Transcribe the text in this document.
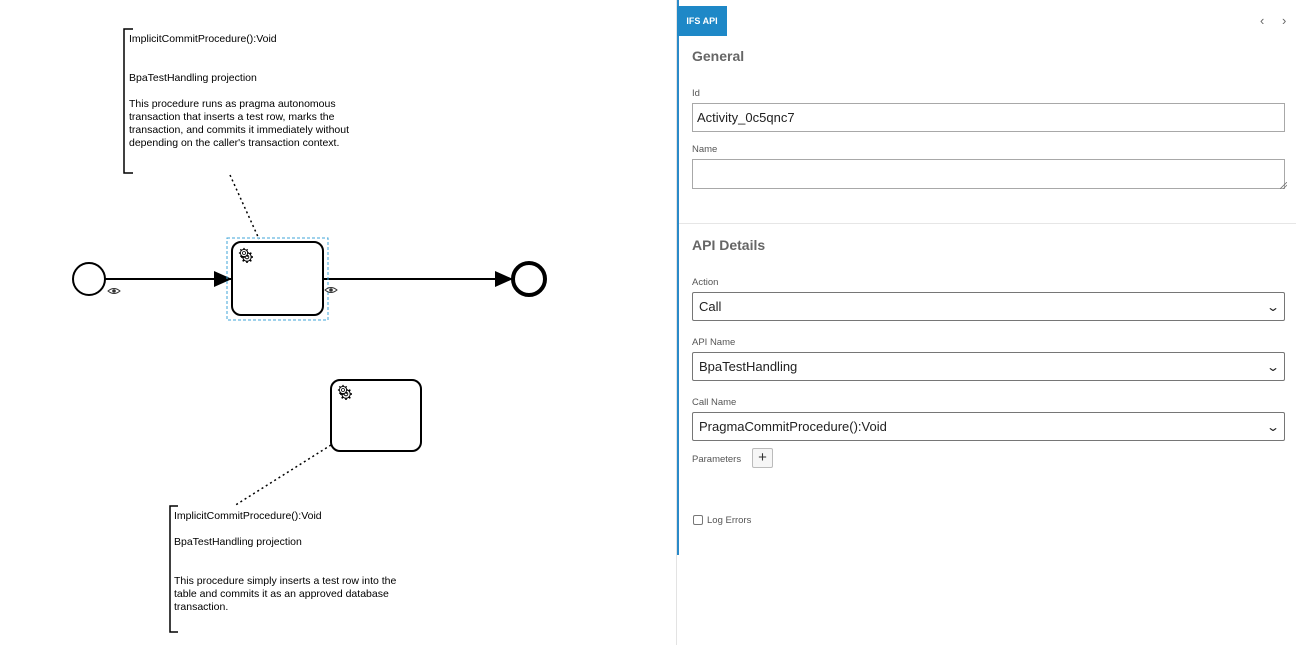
ImplicitCommitProcedure():Void
BpaTestHandling projection
This procedure runs as pragma autonomous
transaction that inserts a test row, marks the
transaction, and commits it immediately without
depending on the caller's transaction context.
ImplicitCommitProcedure():Void
BpaTestHandling projection
This procedure simply inserts a test row into the
table and commits it as an approved database
transaction.
IFS API	‹ ›
General
Id
Activity_0c5qnc7
Name
API Details
Action
Call	⌄
API Name
BpaTestHandling	⌄
Call Name
PragmaCommitProcedure():Void	⌄
Parameters	+
Log Errors
